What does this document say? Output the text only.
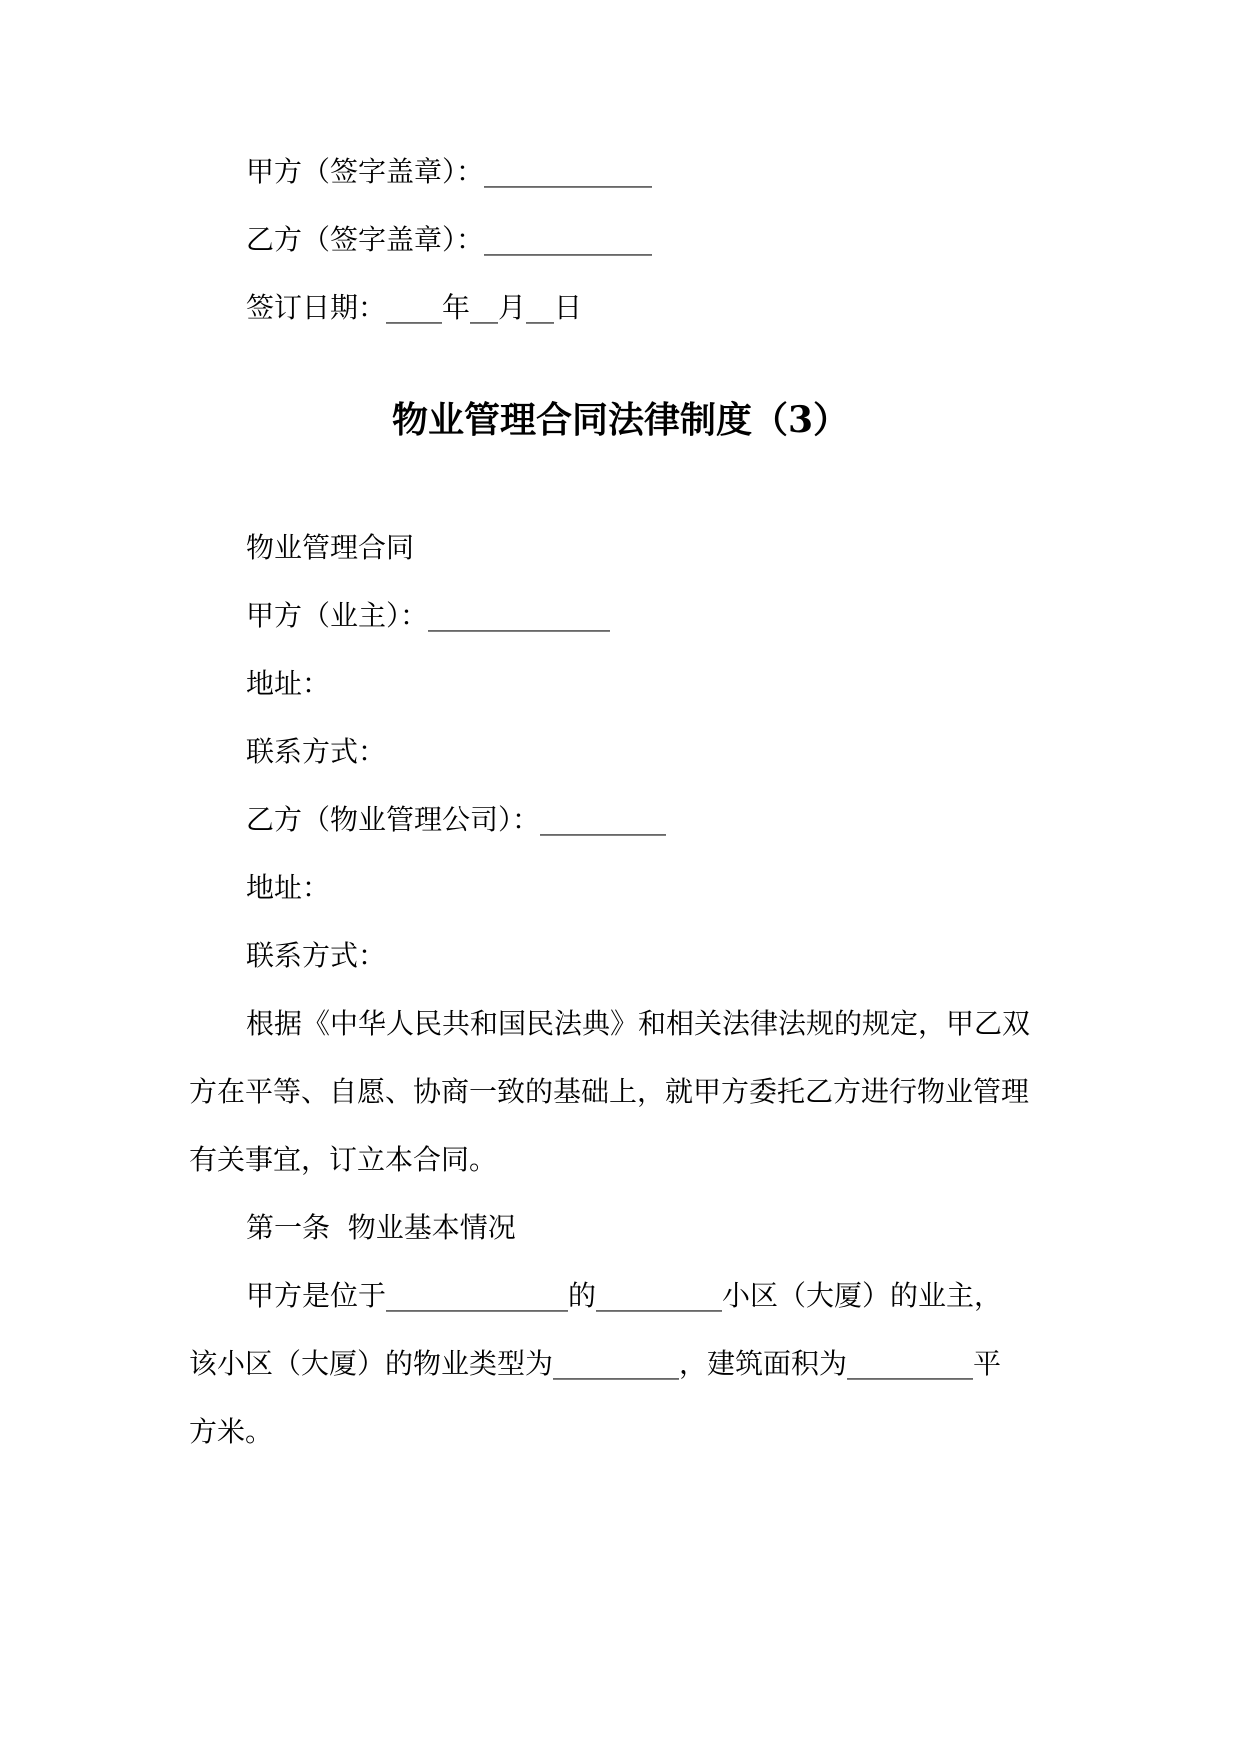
甲方（签字盖章）：____________
乙方（签字盖章）：____________
签订日期：____年__月__日
物业管理合同法律制度（3）
物业管理合同
甲方（业主）：_____________
地址：
联系方式：
乙方（物业管理公司）：_________
地址：
联系方式：
根据《中华人民共和国民法典》和相关法律法规的规定，甲乙双
方在平等、自愿、协商一致的基础上，就甲方委托乙方进行物业管理
有关事宜，订立本合同。
第一条  物业基本情况
甲方是位于_____________的_________小区（大厦）的业主，
该小区（大厦）的物业类型为_________，建筑面积为_________平
方米。
